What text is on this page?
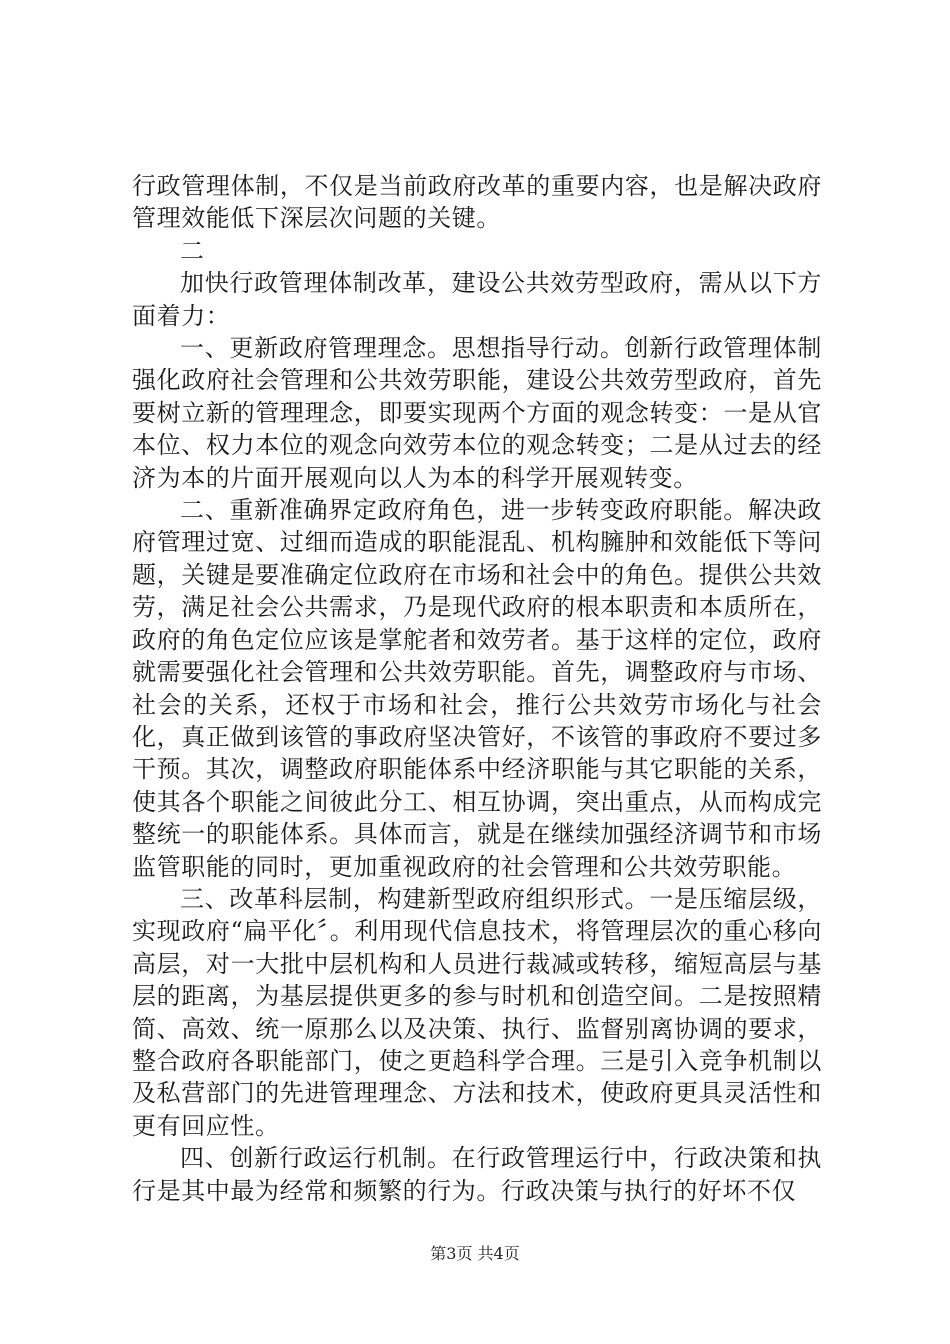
行政管理体制，不仅是当前政府改革的重要内容，也是解决政府管理效能低下深层次问题的关键。

二

加快行政管理体制改革，建设公共效劳型政府，需从以下方面着力：

一、更新政府管理理念。思想指导行动。创新行政管理体制强化政府社会管理和公共效劳职能，建设公共效劳型政府，首先要树立新的管理理念，即要实现两个方面的观念转变：一是从官本位、权力本位的观念向效劳本位的观念转变；二是从过去的经济为本的片面开展观向以人为本的科学开展观转变。

二、重新准确界定政府角色，进一步转变政府职能。解决政府管理过宽、过细而造成的职能混乱、机构臃肿和效能低下等问题，关键是要准确定位政府在市场和社会中的角色。提供公共效劳，满足社会公共需求，乃是现代政府的根本职责和本质所在，政府的角色定位应该是掌舵者和效劳者。基于这样的定位，政府就需要强化社会管理和公共效劳职能。首先，调整政府与市场、社会的关系，还权于市场和社会，推行公共效劳市场化与社会化，真正做到该管的事政府坚决管好，不该管的事政府不要过多干预。其次，调整政府职能体系中经济职能与其它职能的关系，使其各个职能之间彼此分工、相互协调，突出重点，从而构成完整统一的职能体系。具体而言，就是在继续加强经济调节和市场监管职能的同时，更加重视政府的社会管理和公共效劳职能。

三、改革科层制，构建新型政府组织形式。一是压缩层级，实现政府“扁平化〞。利用现代信息技术，将管理层次的重心移向高层，对一大批中层机构和人员进行裁减或转移，缩短高层与基层的距离，为基层提供更多的参与时机和创造空间。二是按照精简、高效、统一原那么以及决策、执行、监督别离协调的要求，整合政府各职能部门，使之更趋科学合理。三是引入竞争机制以及私营部门的先进管理理念、方法和技术，使政府更具灵活性和更有回应性。

四、创新行政运行机制。在行政管理运行中，行政决策和执行是其中最为经常和频繁的行为。行政决策与执行的好坏不仅

第3页 共4页
